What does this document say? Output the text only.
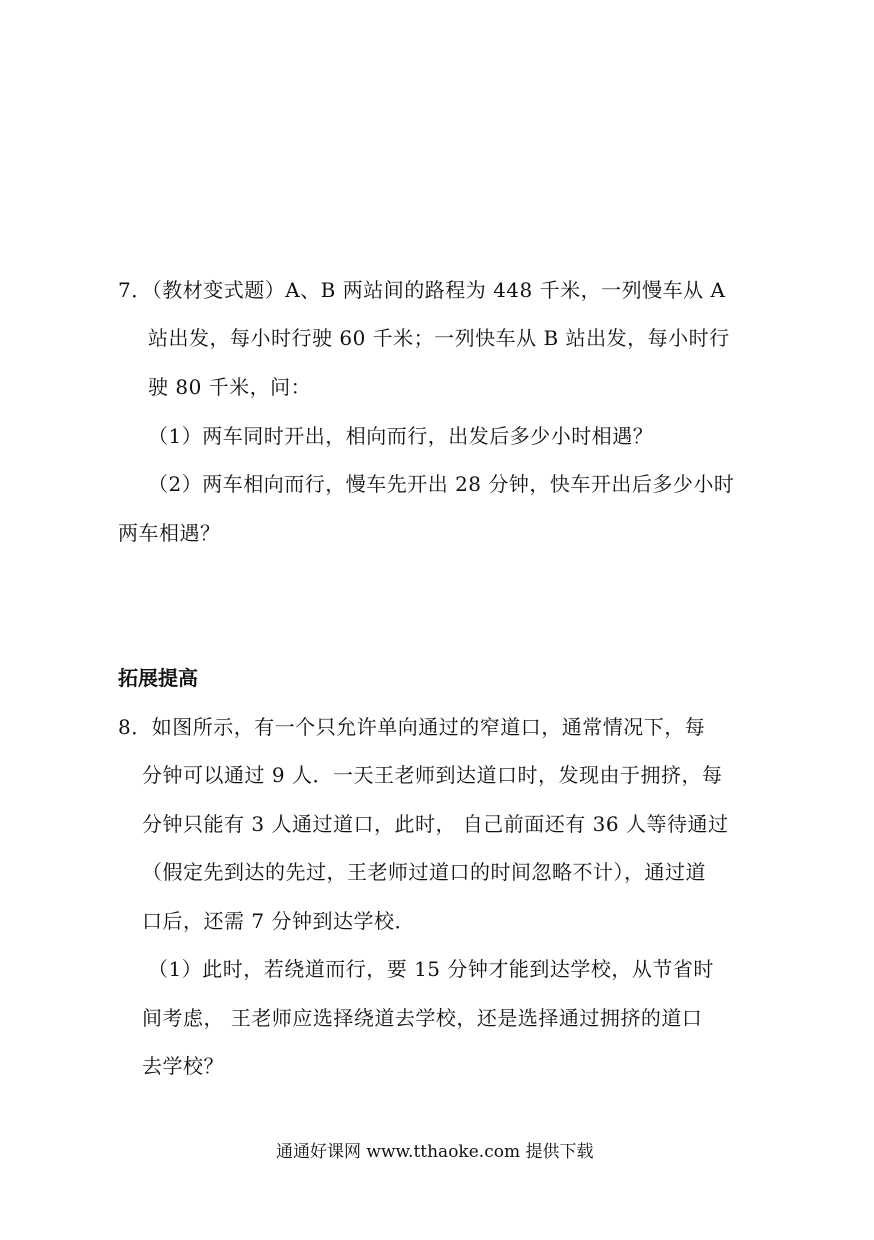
7．（教材变式题）A、B 两站间的路程为 448 千米，一列慢车从 A
站出发，每小时行驶 60 千米；一列快车从 B 站出发，每小时行
驶 80 千米，问：
（1）两车同时开出，相向而行，出发后多少小时相遇？
（2）两车相向而行，慢车先开出 28 分钟，快车开出后多少小时
两车相遇？
拓展提高
8．如图所示，有一个只允许单向通过的窄道口，通常情况下，每
分钟可以通过 9 人．一天王老师到达道口时，发现由于拥挤，每
分钟只能有 3 人通过道口，此时， 自己前面还有 36 人等待通过
（假定先到达的先过，王老师过道口的时间忽略不计），通过道
口后，还需 7 分钟到达学校．
（1）此时，若绕道而行，要 15 分钟才能到达学校，从节省时
间考虑， 王老师应选择绕道去学校，还是选择通过拥挤的道口
去学校？
通通好课网 www.tthaoke.com 提供下载
